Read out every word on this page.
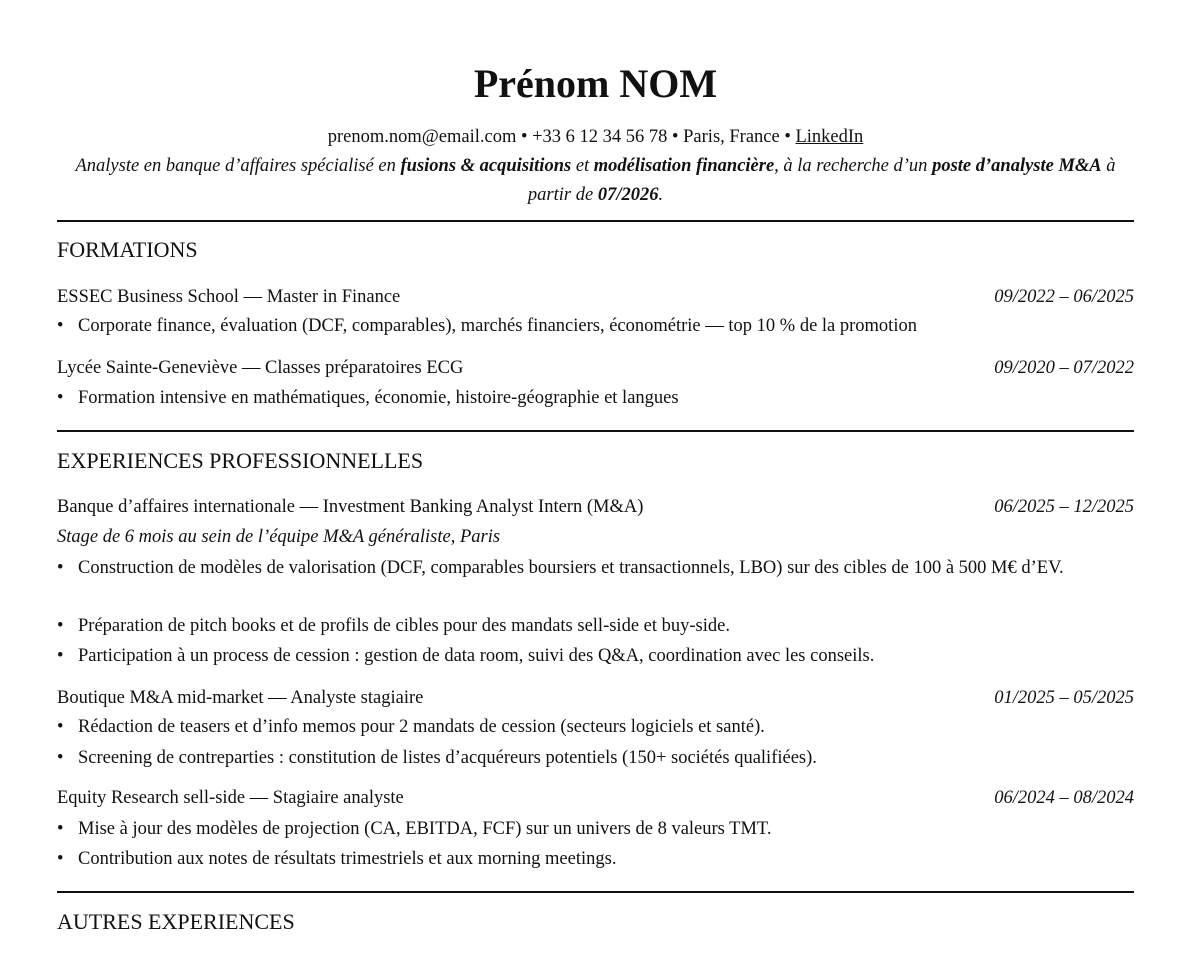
Prénom NOM
prenom.nom@email.com • +33 6 12 34 56 78 • Paris, France • LinkedIn
Analyste en banque d’affaires spécialisé en fusions & acquisitions et modélisation financière, à la recherche d’un poste d’analyste M&A à partir de 07/2026.
FORMATIONS
ESSEC Business School — Master in Finance	09/2022 – 06/2025
• Corporate finance, évaluation (DCF, comparables), marchés financiers, économétrie — top 10 % de la promotion
Lycée Sainte-Geneviève — Classes préparatoires ECG	09/2020 – 07/2022
• Formation intensive en mathématiques, économie, histoire-géographie et langues
EXPERIENCES PROFESSIONNELLES
Banque d’affaires internationale — Investment Banking Analyst Intern (M&A)	06/2025 – 12/2025
Stage de 6 mois au sein de l’équipe M&A généraliste, Paris
• Construction de modèles de valorisation (DCF, comparables boursiers et transactionnels, LBO) sur des cibles de 100 à 500 M€ d’EV.
• Préparation de pitch books et de profils de cibles pour des mandats sell-side et buy-side.
• Participation à un process de cession : gestion de data room, suivi des Q&A, coordination avec les conseils.
Boutique M&A mid-market — Analyste stagiaire	01/2025 – 05/2025
• Rédaction de teasers et d’info memos pour 2 mandats de cession (secteurs logiciels et santé).
• Screening de contreparties : constitution de listes d’acquéreurs potentiels (150+ sociétés qualifiées).
Equity Research sell-side — Stagiaire analyste	06/2024 – 08/2024
• Mise à jour des modèles de projection (CA, EBITDA, FCF) sur un univers de 8 valeurs TMT.
• Contribution aux notes de résultats trimestriels et aux morning meetings.
AUTRES EXPERIENCES
